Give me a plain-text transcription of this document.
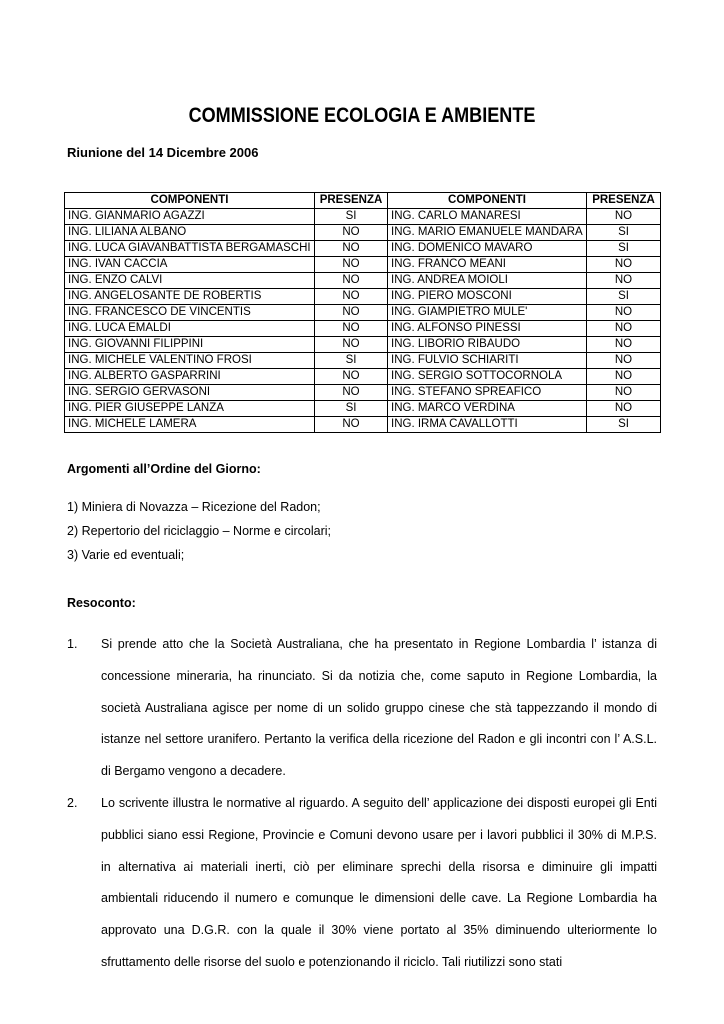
COMMISSIONE ECOLOGIA E AMBIENTE
Riunione del 14 Dicembre 2006
COMPONENTI	PRESENZA	COMPONENTI	PRESENZA
ING. GIANMARIO AGAZZI	SI	ING. CARLO MANARESI	NO
ING. LILIANA ALBANO	NO	ING. MARIO EMANUELE MANDARA	SI
ING. LUCA GIAVANBATTISTA BERGAMASCHI	NO	ING. DOMENICO MAVARO	SI
ING. IVAN CACCIA	NO	ING. FRANCO MEANI	NO
ING. ENZO CALVI	NO	ING. ANDREA MOIOLI	NO
ING. ANGELOSANTE DE ROBERTIS	NO	ING. PIERO MOSCONI	SI
ING. FRANCESCO DE VINCENTIS	NO	ING. GIAMPIETRO MULE'	NO
ING. LUCA EMALDI	NO	ING. ALFONSO PINESSI	NO
ING. GIOVANNI FILIPPINI	NO	ING. LIBORIO RIBAUDO	NO
ING. MICHELE VALENTINO FROSI	SI	ING. FULVIO SCHIARITI	NO
ING. ALBERTO GASPARRINI	NO	ING. SERGIO SOTTOCORNOLA	NO
ING. SERGIO GERVASONI	NO	ING. STEFANO SPREAFICO	NO
ING. PIER GIUSEPPE LANZA	SI	ING. MARCO VERDINA	NO
ING. MICHELE LAMERA	NO	ING. IRMA CAVALLOTTI	SI
Argomenti all’Ordine del Giorno:
1) Miniera di Novazza – Ricezione del Radon;
2) Repertorio del riciclaggio – Norme e circolari;
3) Varie ed eventuali;
Resoconto:
1. Si prende atto che la Società Australiana, che ha presentato in Regione Lombardia l’ istanza di concessione mineraria, ha rinunciato. Si da notizia che, come saputo in Regione Lombardia, la società Australiana agisce per nome di un solido gruppo cinese che stà tappezzando il mondo di istanze nel settore uranifero. Pertanto la verifica della ricezione del Radon e gli incontri con l’ A.S.L. di Bergamo vengono a decadere.
2. Lo scrivente illustra le normative al riguardo. A seguito dell’ applicazione dei disposti europei gli Enti pubblici siano essi Regione, Provincie e Comuni devono usare per i lavori pubblici il 30% di M.P.S. in alternativa ai materiali inerti, ciò per eliminare sprechi della risorsa e diminuire gli impatti ambientali riducendo il numero e comunque le dimensioni delle cave. La Regione Lombardia ha approvato una D.G.R. con la quale il 30% viene portato al 35% diminuendo ulteriormente lo sfruttamento delle risorse del suolo e potenzionando il riciclo. Tali riutilizzi sono stati
